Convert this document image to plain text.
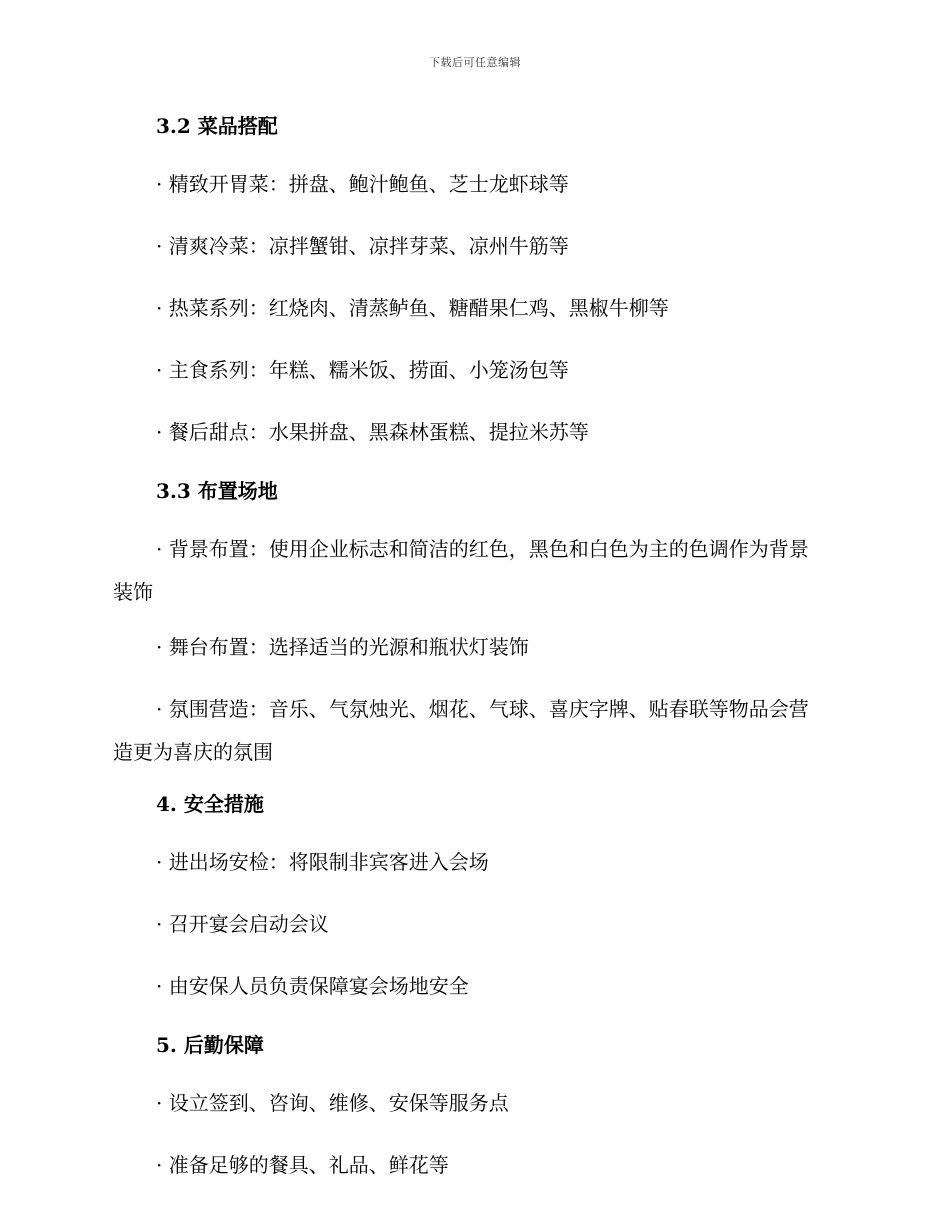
下载后可任意编辑
3.2 菜品搭配

· 精致开胃菜：拼盘、鲍汁鲍鱼、芝士龙虾球等

· 清爽冷菜：凉拌蟹钳、凉拌芽菜、凉州牛筋等

· 热菜系列：红烧肉、清蒸鲈鱼、糖醋果仁鸡、黑椒牛柳等

· 主食系列：年糕、糯米饭、捞面、小笼汤包等

· 餐后甜点：水果拼盘、黑森林蛋糕、提拉米苏等

3.3 布置场地

· 背景布置：使用企业标志和简洁的红色，黑色和白色为主的色调作为背景装饰

· 舞台布置：选择适当的光源和瓶状灯装饰

· 氛围营造：音乐、气氛烛光、烟花、气球、喜庆字牌、贴春联等物品会营造更为喜庆的氛围

4. 安全措施

· 进出场安检：将限制非宾客进入会场

· 召开宴会启动会议

· 由安保人员负责保障宴会场地安全

5. 后勤保障

· 设立签到、咨询、维修、安保等服务点

· 准备足够的餐具、礼品、鲜花等
